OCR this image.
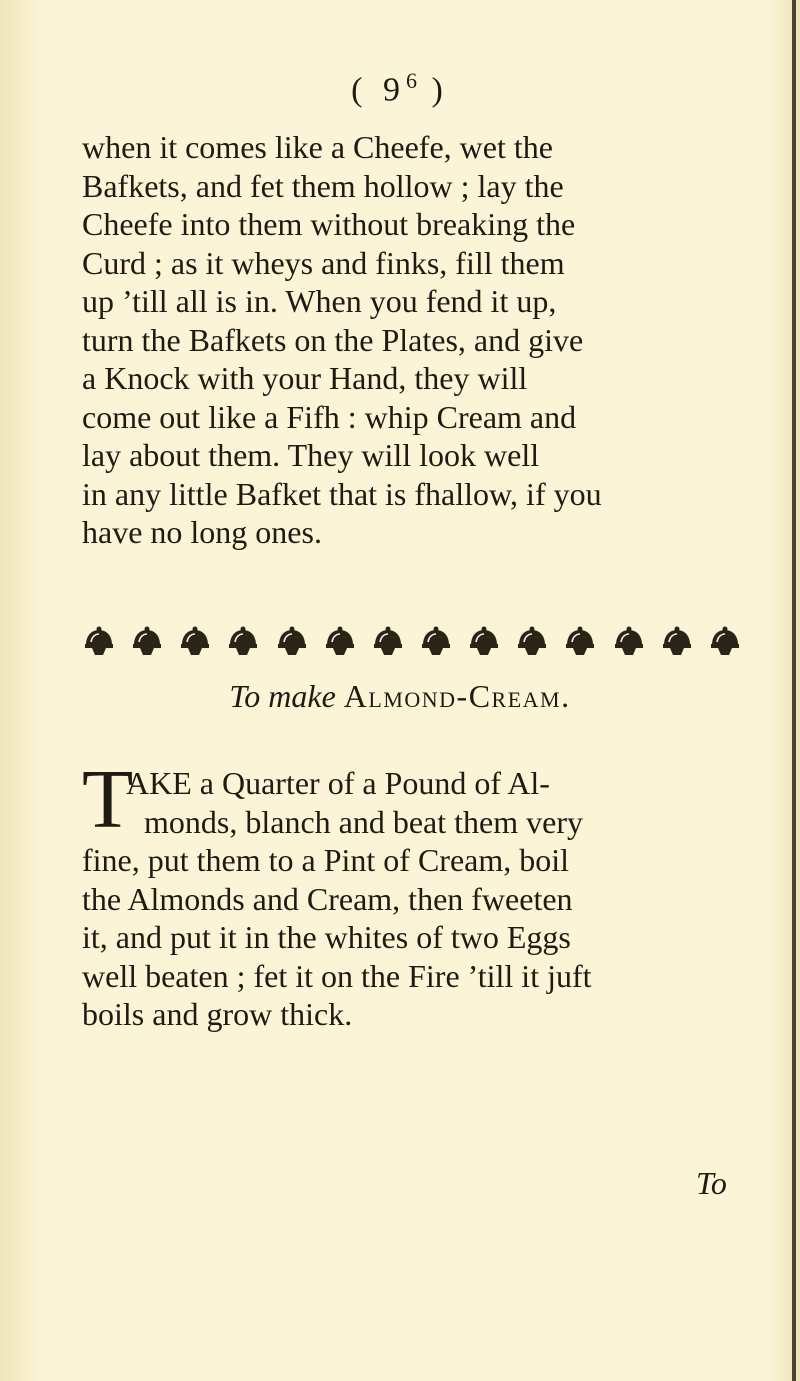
( $9^6$ )
when it comes like a Cheefe, wet the
Bafkets, and fet them hollow ; lay the
Cheefe into them without breaking the
Curd ; as it wheys and finks, fill them
up ’till all is in. When you fend it up,
turn the Bafkets on the Plates, and give
a Knock with your Hand, they will
come out like a Fifh : whip Cream and
lay about them. They will look well
in any little Bafket that is fhallow, if you
have no long ones.
To make Almond-Cream.
T
AKE a Quarter of a Pound of Al-
monds, blanch and beat them very
fine, put them to a Pint of Cream, boil
the Almonds and Cream, then fweeten
it, and put it in the whites of two Eggs
well beaten ; fet it on the Fire ’till it juft
boils and grow thick.
To
